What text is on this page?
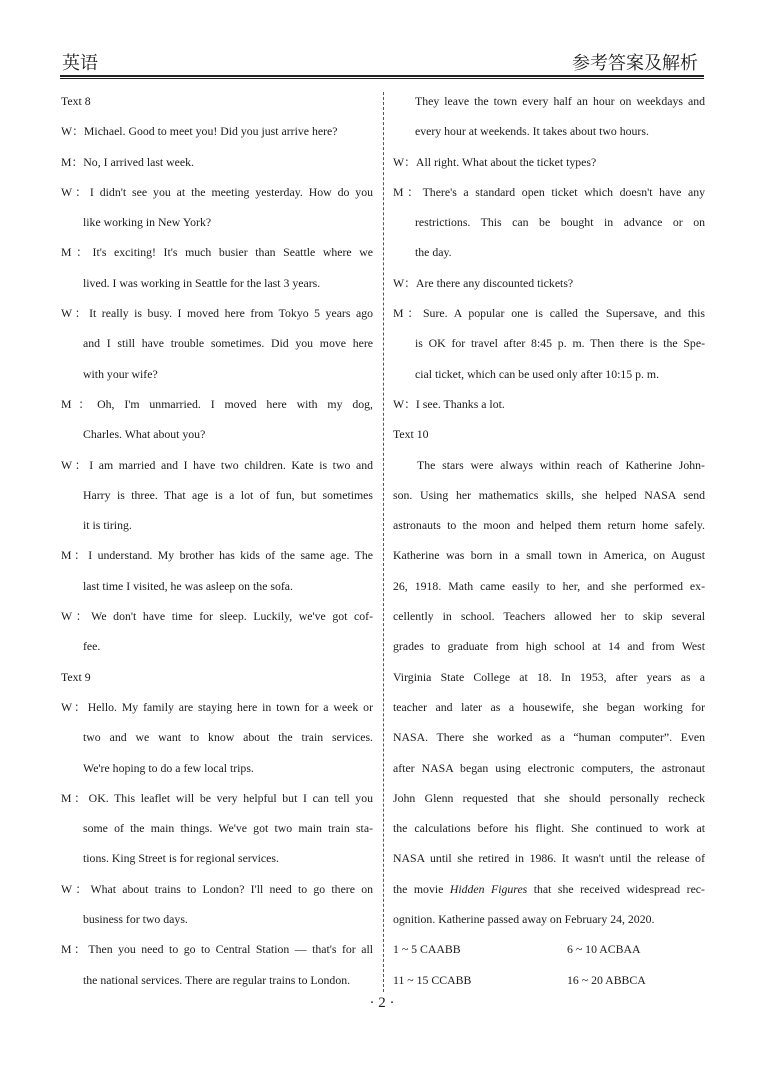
英语	参考答案及解析
Text 8
W：Michael. Good to meet you! Did you just arrive here?
M：No, I arrived last week.
W：I didn't see you at the meeting yesterday. How do you
like working in New York?
M：It's exciting! It's much busier than Seattle where we
lived. I was working in Seattle for the last 3 years.
W：It really is busy. I moved here from Tokyo 5 years ago
and I still have trouble sometimes. Did you move here
with your wife?
M：Oh, I'm unmarried. I moved here with my dog,
Charles. What about you?
W：I am married and I have two children. Kate is two and
Harry is three. That age is a lot of fun, but sometimes
it is tiring.
M：I understand. My brother has kids of the same age. The
last time I visited, he was asleep on the sofa.
W：We don't have time for sleep. Luckily, we've got cof-
fee.
Text 9
W：Hello. My family are staying here in town for a week or
two and we want to know about the train services.
We're hoping to do a few local trips.
M：OK. This leaflet will be very helpful but I can tell you
some of the main things. We've got two main train sta-
tions. King Street is for regional services.
W：What about trains to London? I'll need to go there on
business for two days.
M：Then you need to go to Central Station — that's for all
the national services. There are regular trains to London.
They leave the town every half an hour on weekdays and
every hour at weekends. It takes about two hours.
W：All right. What about the ticket types?
M：There's a standard open ticket which doesn't have any
restrictions. This can be bought in advance or on
the day.
W：Are there any discounted tickets?
M：Sure. A popular one is called the Supersave, and this
is OK for travel after 8:45 p. m. Then there is the Spe-
cial ticket, which can be used only after 10:15 p. m.
W：I see. Thanks a lot.
Text 10
The stars were always within reach of Katherine John-
son. Using her mathematics skills, she helped NASA send
astronauts to the moon and helped them return home safely.
Katherine was born in a small town in America, on August
26, 1918. Math came easily to her, and she performed ex-
cellently in school. Teachers allowed her to skip several
grades to graduate from high school at 14 and from West
Virginia State College at 18. In 1953, after years as a
teacher and later as a housewife, she began working for
NASA. There she worked as a “human computer”. Even
after NASA began using electronic computers, the astronaut
John Glenn requested that she should personally recheck
the calculations before his flight. She continued to work at
NASA until she retired in 1986. It wasn't until the release of
the movie Hidden Figures that she received widespread rec-
ognition. Katherine passed away on February 24, 2020.
1 ~ 5 CAABB	6 ~ 10 ACBAA
11 ~ 15 CCABB	16 ~ 20 ABBCA
· 2 ·
